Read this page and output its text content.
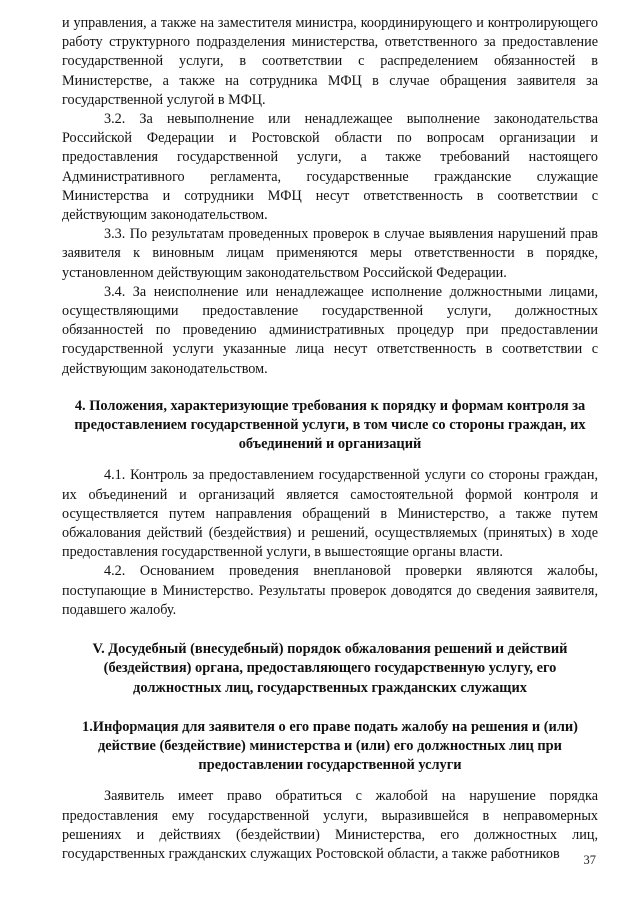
и управления, а также на заместителя министра, координирующего и контролирующего работу структурного подразделения министерства, ответственного за предоставление государственной услуги, в соответствии с распределением обязанностей в Министерстве, а также на сотрудника МФЦ в случае обращения заявителя за государственной услугой в МФЦ.

3.2. За невыполнение или ненадлежащее выполнение законодательства Российской Федерации и Ростовской области по вопросам организации и предоставления государственной услуги, а также требований настоящего Административного регламента, государственные гражданские служащие Министерства и сотрудники МФЦ несут ответственность в соответствии с действующим законодательством.

3.3. По результатам проведенных проверок в случае выявления нарушений прав заявителя к виновным лицам применяются меры ответственности в порядке, установленном действующим законодательством Российской Федерации.

3.4. За неисполнение или ненадлежащее исполнение должностными лицами, осуществляющими предоставление государственной услуги, должностных обязанностей по проведению административных процедур при предоставлении государственной услуги указанные лица несут ответственность в соответствии с действующим законодательством.

4. Положения, характеризующие требования к порядку и формам контроля за предоставлением государственной услуги, в том числе со стороны граждан, их объединений и организаций

4.1. Контроль за предоставлением государственной услуги со стороны граждан, их объединений и организаций является самостоятельной формой контроля и осуществляется путем направления обращений в Министерство, а также путем обжалования действий (бездействия) и решений, осуществляемых (принятых) в ходе предоставления государственной услуги, в вышестоящие органы власти.

4.2. Основанием проведения внеплановой проверки являются жалобы, поступающие в Министерство. Результаты проверок доводятся до сведения заявителя, подавшего жалобу.

V. Досудебный (внесудебный) порядок обжалования решений и действий (бездействия) органа, предоставляющего государственную услугу, его должностных лиц, государственных гражданских служащих
1.Информация для заявителя о его праве подать жалобу на решения и (или) действие (бездействие) министерства и (или) его должностных лиц при предоставлении государственной услуги

Заявитель имеет право обратиться с жалобой на нарушение порядка предоставления ему государственной услуги, выразившейся в неправомерных решениях и действиях (бездействии) Министерства, его должностных лиц, государственных гражданских служащих Ростовской области, а также работников	37
